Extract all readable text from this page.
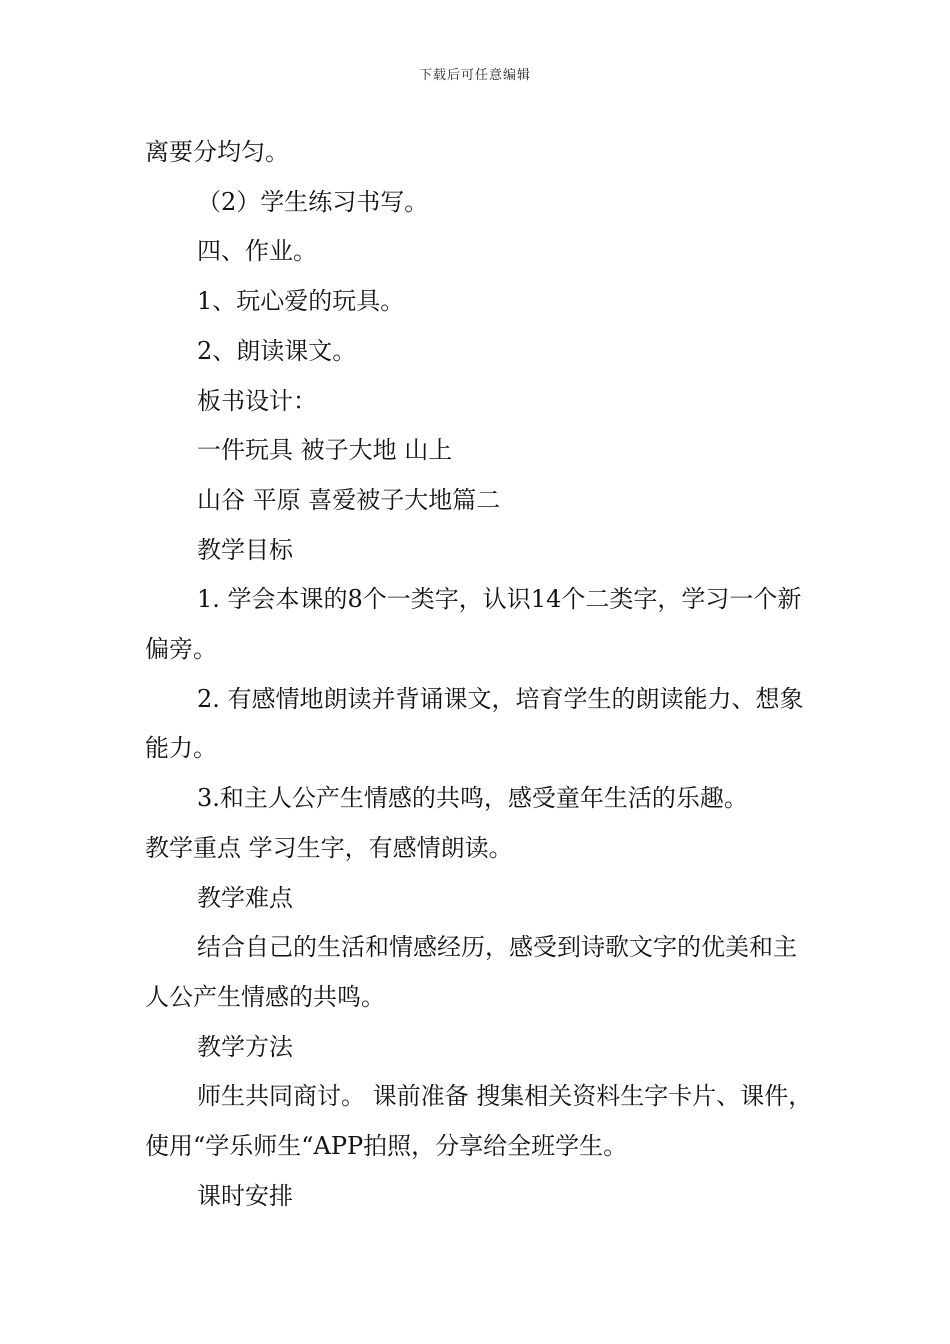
下载后可任意编辑

离要分均匀。

（2）学生练习书写。

四、作业。

1、玩心爱的玩具。

2、朗读课文。

板书设计：

一件玩具 被子大地 山上

山谷 平原 喜爱被子大地篇二

教学目标

1. 学会本课的8个一类字，认识14个二类字，学习一个新偏旁。

2. 有感情地朗读并背诵课文，培育学生的朗读能力、想象能力。

3.和主人公产生情感的共鸣，感受童年生活的乐趣。

教学重点 学习生字，有感情朗读。

教学难点

结合自己的生活和情感经历，感受到诗歌文字的优美和主人公产生情感的共鸣。

教学方法

师生共同商讨。 课前准备 搜集相关资料生字卡片、课件，使用“学乐师生“APP拍照，分享给全班学生。

课时安排
